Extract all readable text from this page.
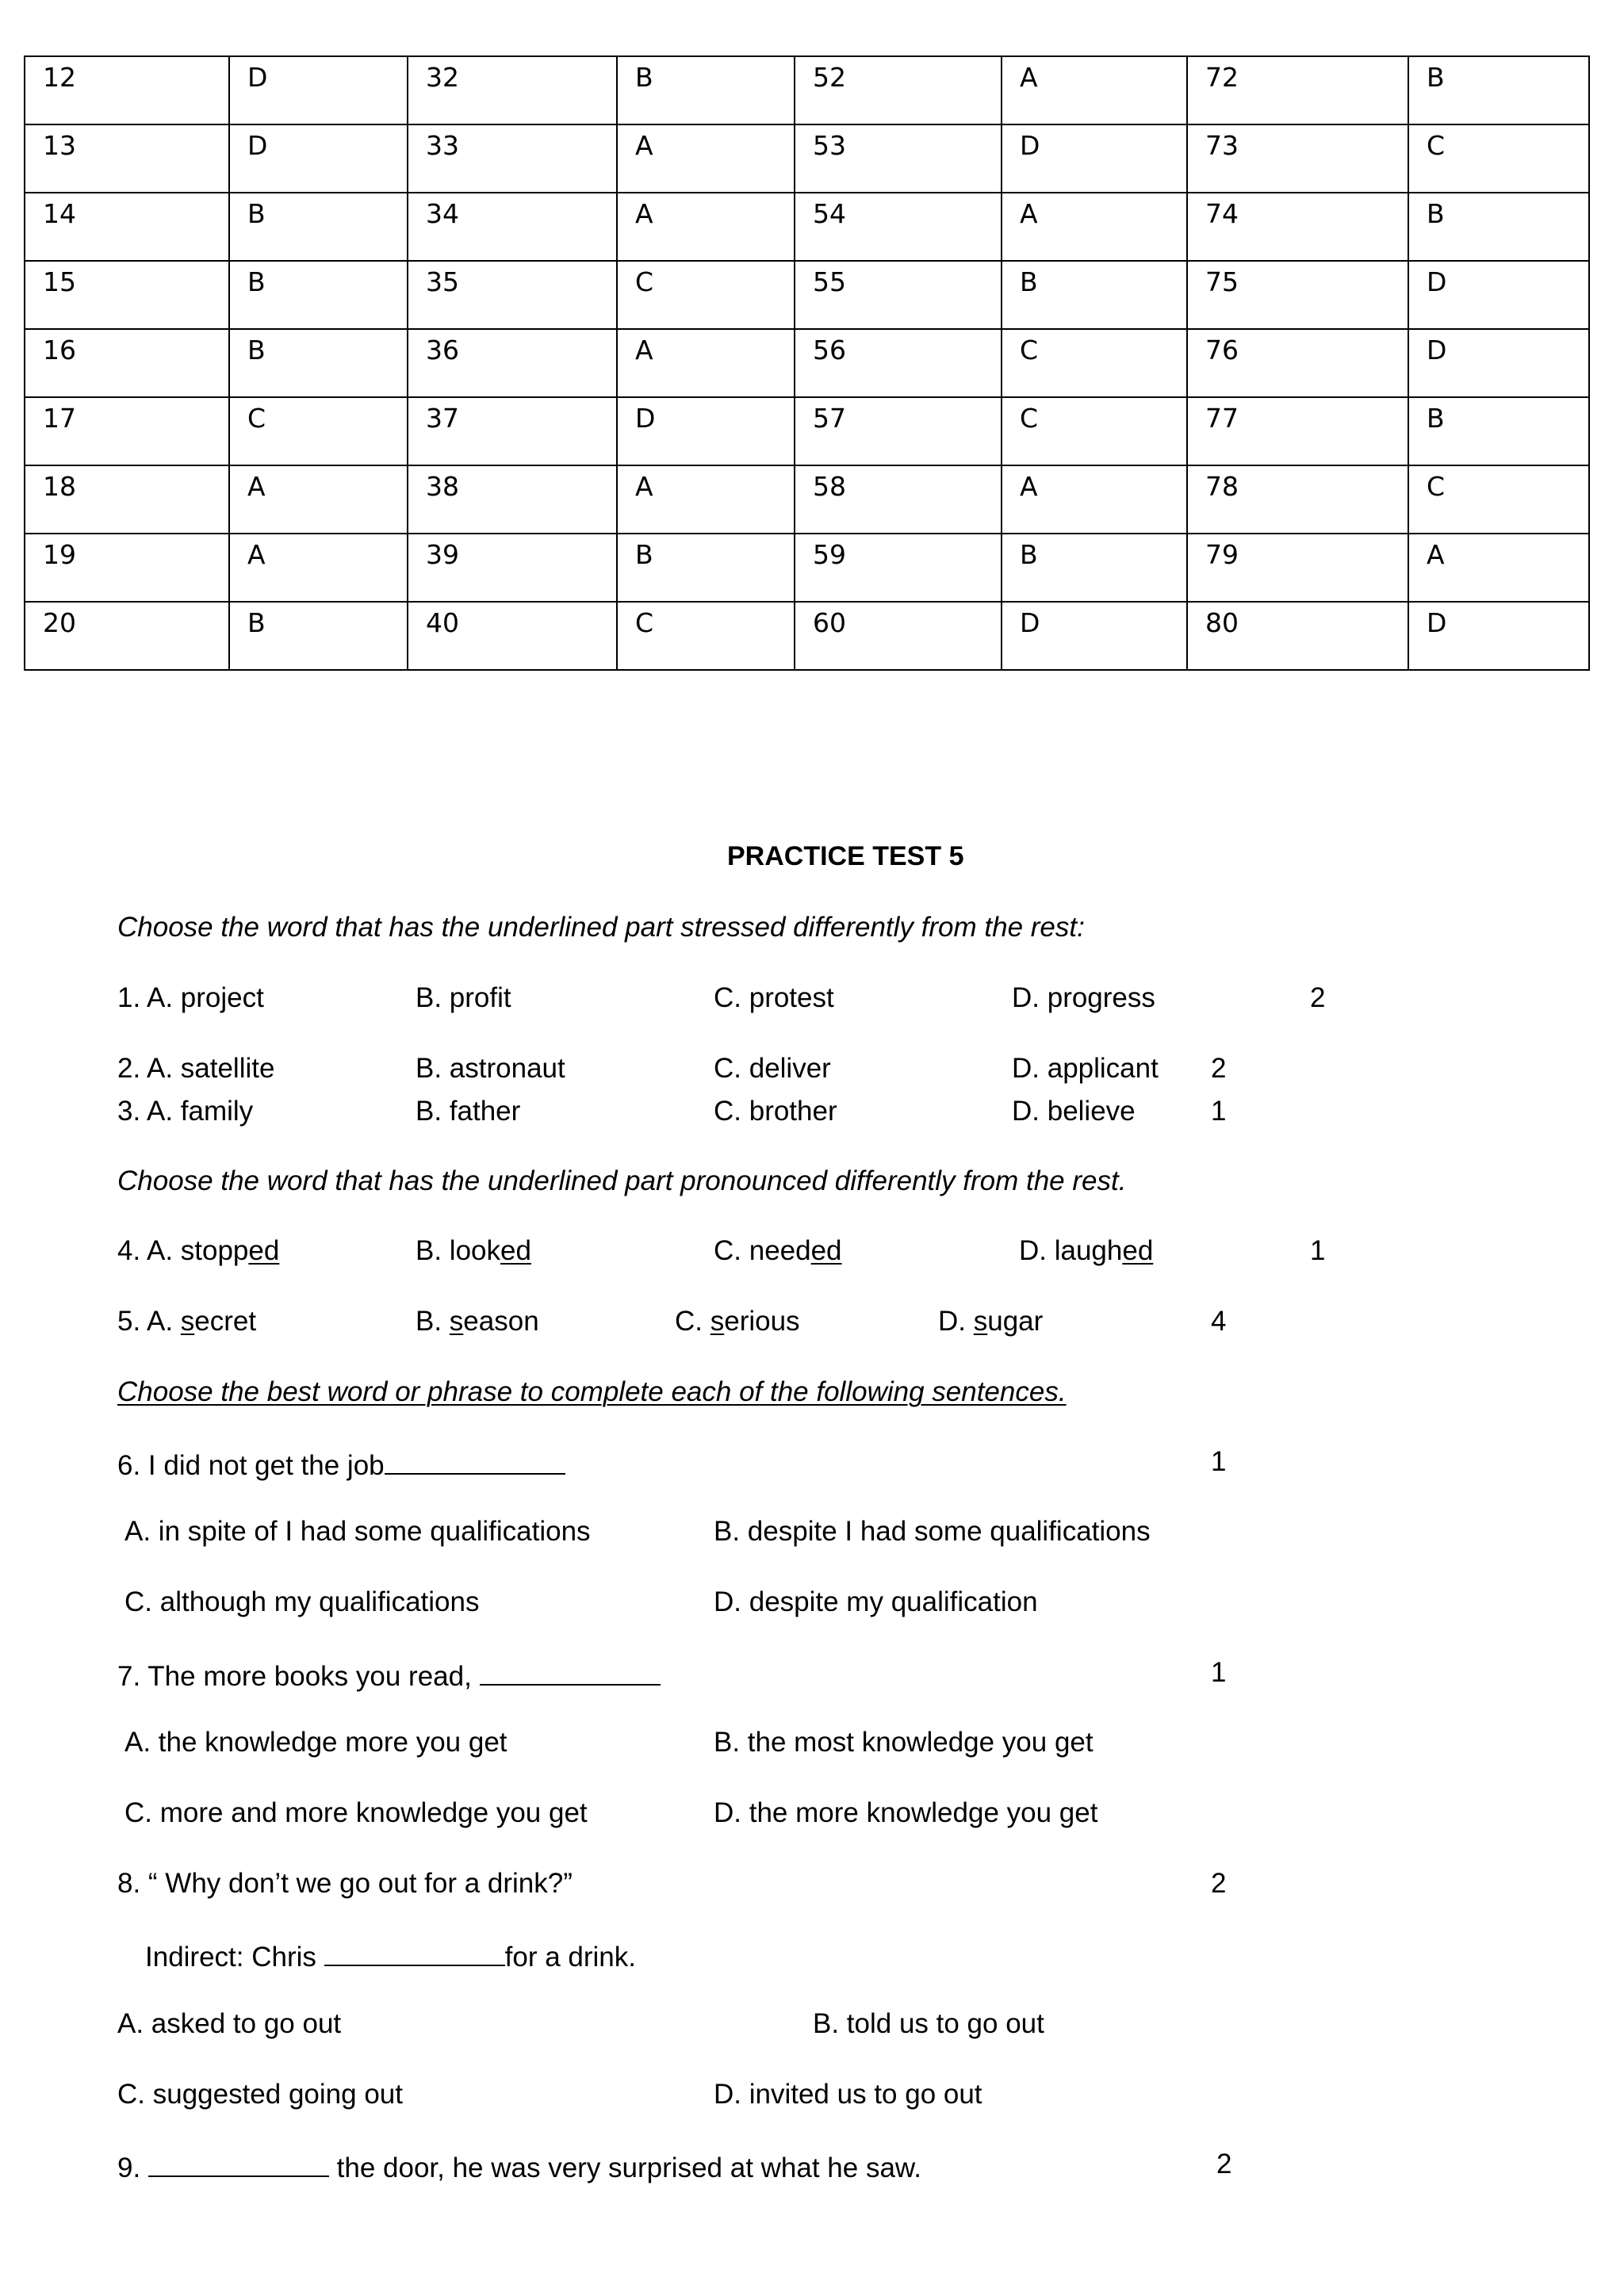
12	D	32	B	52	A	72	B
13	D	33	A	53	D	73	C
14	B	34	A	54	A	74	B
15	B	35	C	55	B	75	D
16	B	36	A	56	C	76	D
17	C	37	D	57	C	77	B
18	A	38	A	58	A	78	C
19	A	39	B	59	B	79	A
20	B	40	C	60	D	80	D
PRACTICE TEST 5
Choose the word that has the underlined part stressed differently from the rest:
1. A. project	B. profit	C. protest	D. progress	2
2. A. satellite	B. astronaut	C. deliver	D. applicant 2
3. A. family	B. father	C. brother	D. believe	1
Choose the word that has the underlined part pronounced differently from the rest.
4. A. stopped	B. looked	C. needed	D. laughed	1
5. A. secret	B. season	C. serious	D. sugar	4
Choose the best word or phrase to complete each of the following sentences.
6. I did not get the job	1
A. in spite of I had some qualifications	B. despite I had some qualifications
C. although my qualifications	D. despite my qualification
7. The more books you read,	1
A. the knowledge more you get	B. the most knowledge you get
C. more and more knowledge you get	D. the more knowledge you get
8. “ Why don’t we go out for a drink?”	2
Indirect: Chris	for a drink.
A. asked to go out	B. told us to go out
C. suggested going out	D. invited us to go out
9.	the door, he was very surprised at what he saw.	2
